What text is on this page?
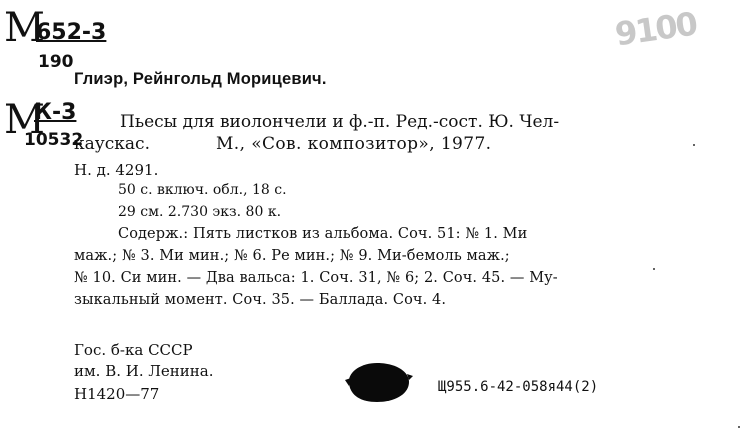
М
652-3
190
9100
Глиэр, Рейнгольд Морицевич.
М
К-3
10532
Пьесы для виолончели и ф.-п. Ред.-сост. Ю. Чел-
каускас.	М., «Сов. композитор», 1977.
Н. д. 4291.
50 с. включ. обл., 18 с.
29 см. 2.730 экз. 80 к.
Содерж.: Пять листков из альбома. Соч. 51: № 1. Ми
маж.; № 3. Ми мин.; № 6. Ре мин.; № 9. Ми-бемоль маж.;
№ 10. Си мин. — Два вальса: 1. Соч. 31, № 6; 2. Соч. 45. — Му-
зыкальный момент. Соч. 35. — Баллада. Соч. 4.
Гос. б-ка СССР
им. В. И. Ленина.
Н1420—77	Щ955.6-42-058я44(2)
